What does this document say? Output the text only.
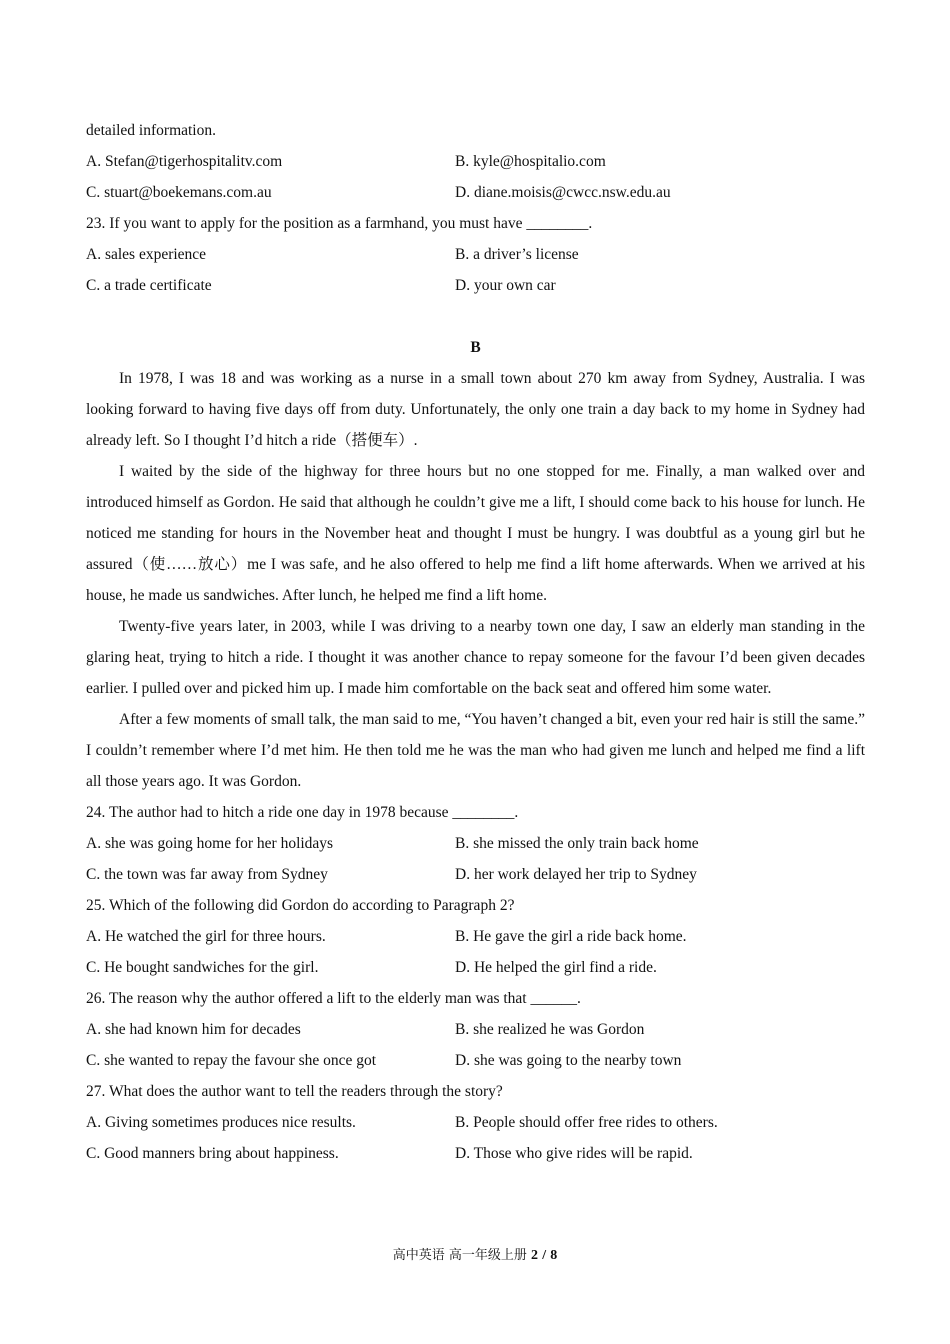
detailed information.
A. Stefan@tigerhospitalitv.com	B. kyle@hospitalio.com
C. stuart@boekemans.com.au	D. diane.moisis@cwcc.nsw.edu.au
23. If you want to apply for the position as a farmhand, you must have ________.
A. sales experience	B. a driver’s license
C. a trade certificate	D. your own car
B

In 1978, I was 18 and was working as a nurse in a small town about 270 km away from Sydney, Australia. I was looking forward to having five days off from duty. Unfortunately, the only one train a day back to my home in Sydney had already left. So I thought I’d hitch a ride（搭便车）.

I waited by the side of the highway for three hours but no one stopped for me. Finally, a man walked over and introduced himself as Gordon. He said that although he couldn’t give me a lift, I should come back to his house for lunch. He noticed me standing for hours in the November heat and thought I must be hungry. I was doubtful as a young girl but he assured（使……放心）me I was safe, and he also offered to help me find a lift home afterwards. When we arrived at his house, he made us sandwiches. After lunch, he helped me find a lift home.

Twenty-five years later, in 2003, while I was driving to a nearby town one day, I saw an elderly man standing in the glaring heat, trying to hitch a ride. I thought it was another chance to repay someone for the favour I’d been given decades earlier. I pulled over and picked him up. I made him comfortable on the back seat and offered him some water.

After a few moments of small talk, the man said to me, “You haven’t changed a bit, even your red hair is still the same.” I couldn’t remember where I’d met him. He then told me he was the man who had given me lunch and helped me find a lift all those years ago. It was Gordon.

24. The author had to hitch a ride one day in 1978 because ________.
A. she was going home for her holidays	B. she missed the only train back home
C. the town was far away from Sydney	D. her work delayed her trip to Sydney
25. Which of the following did Gordon do according to Paragraph 2?
A. He watched the girl for three hours.	B. He gave the girl a ride back home.
C. He bought sandwiches for the girl.	D. He helped the girl find a ride.
26. The reason why the author offered a lift to the elderly man was that ______.
A. she had known him for decades	B. she realized he was Gordon
C. she wanted to repay the favour she once got	D. she was going to the nearby town
27. What does the author want to tell the readers through the story?
A. Giving sometimes produces nice results.	B. People should offer free rides to others.
C. Good manners bring about happiness.	D. Those who give rides will be rapid.
高中英语 高一年级上册 2 / 8
